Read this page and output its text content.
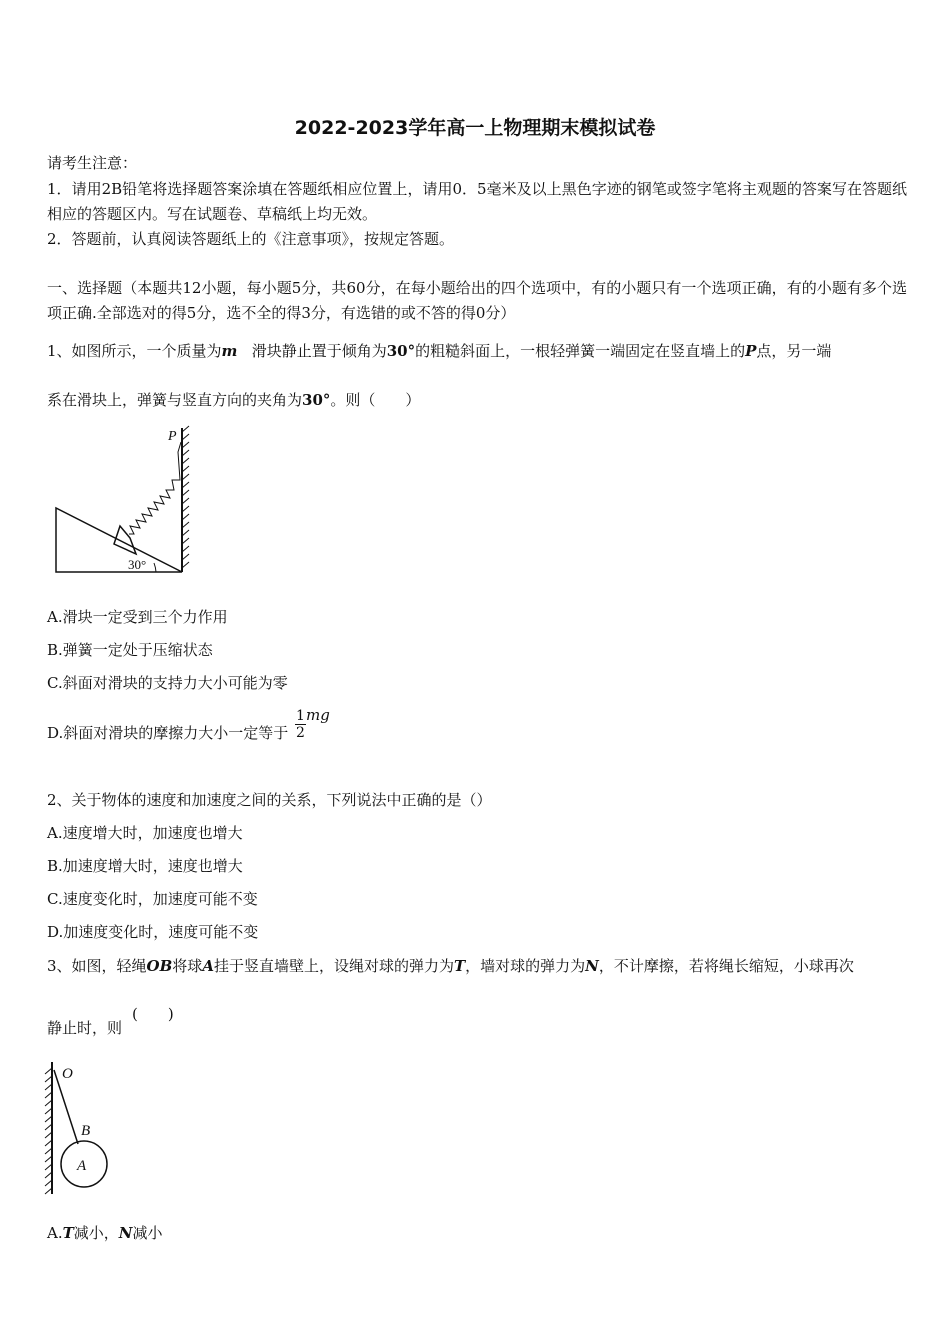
2022-2023学年高一上物理期末模拟试卷
请考生注意：
1．请用2B铅笔将选择题答案涂填在答题纸相应位置上，请用0．5毫米及以上黑色字迹的钢笔或签字笔将主观题的答案写在答题纸相应的答题区内。写在试题卷、草稿纸上均无效。
2．答题前，认真阅读答题纸上的《注意事项》，按规定答题。
一、选择题（本题共12小题，每小题5分，共60分，在每小题给出的四个选项中，有的小题只有一个选项正确，有的小题有多个选项正确.全部选对的得5分，选不全的得3分，有选错的或不答的得0分）
1、如图所示，一个质量为m 滑块静止置于倾角为30°的粗糙斜面上，一根轻弹簧一端固定在竖直墙上的P点，另一端
系在滑块上，弹簧与竖直方向的夹角为30°。则（　　）
30°
P
A.滑块一定受到三个力作用
B.弹簧一定处于压缩状态
C.斜面对滑块的支持力大小可能为零
D.斜面对滑块的摩擦力大小一定等于 $\frac{1}{2}$ mg
2、关于物体的速度和加速度之间的关系，下列说法中正确的是（）
A.速度增大时，加速度也增大
B.加速度增大时，速度也增大
C.速度变化时，加速度可能不变
D.加速度变化时，速度可能不变
3、如图，轻绳OB将球A挂于竖直墙壁上，设绳对球的弹力为T，墙对球的弹力为N，不计摩擦，若将绳长缩短，小球再次
静止时，则
(　　)
O
B
A
A.T减小，N减小
